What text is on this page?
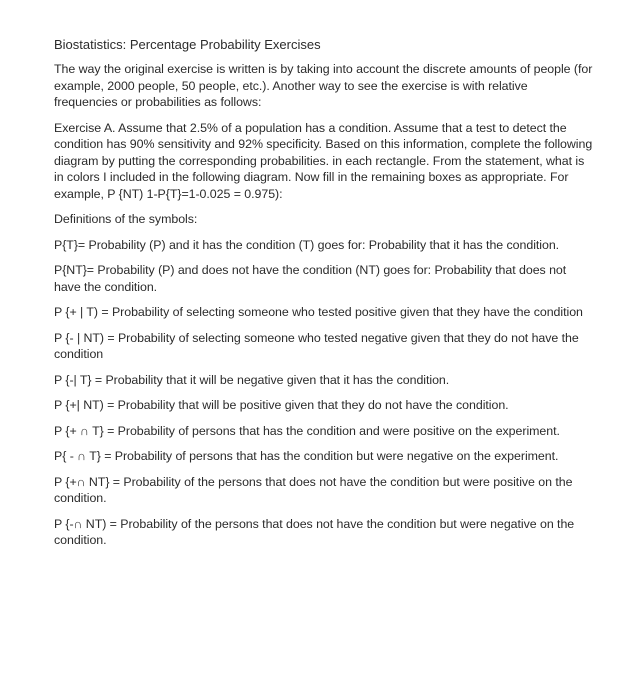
Biostatistics: Percentage Probability Exercises

The way the original exercise is written is by taking into account the discrete amounts of people (for example, 2000 people, 50 people, etc.). Another way to see the exercise is with relative frequencies or probabilities as follows:

Exercise A. Assume that 2.5% of a population has a condition. Assume that a test to detect the condition has 90% sensitivity and 92% specificity. Based on this information, complete the following diagram by putting the corresponding probabilities. in each rectangle. From the statement, what is in colors I included in the following diagram. Now fill in the remaining boxes as appropriate. For example, P {NT) 1-P{T}=1-0.025 = 0.975):

Definitions of the symbols:

P{T}= Probability (P) and it has the condition (T) goes for: Probability that it has the condition.

P{NT}= Probability (P) and does not have the condition (NT) goes for: Probability that does not have the condition.

P {+ | T) = Probability of selecting someone who tested positive given that they have the condition

P {- | NT) = Probability of selecting someone who tested negative given that they do not have the condition

P {-| T} = Probability that it will be negative given that it has the condition.

P {+| NT) = Probability that will be positive given that they do not have the condition.

P {+ ∩ T} = Probability of persons that has the condition and were positive on the experiment.

P{ - ∩ T} = Probability of persons that has the condition but were negative on the experiment.

P {+∩ NT} = Probability of the persons that does not have the condition but were positive on the condition.

P {-∩ NT) = Probability of the persons that does not have the condition but were negative on the condition.
